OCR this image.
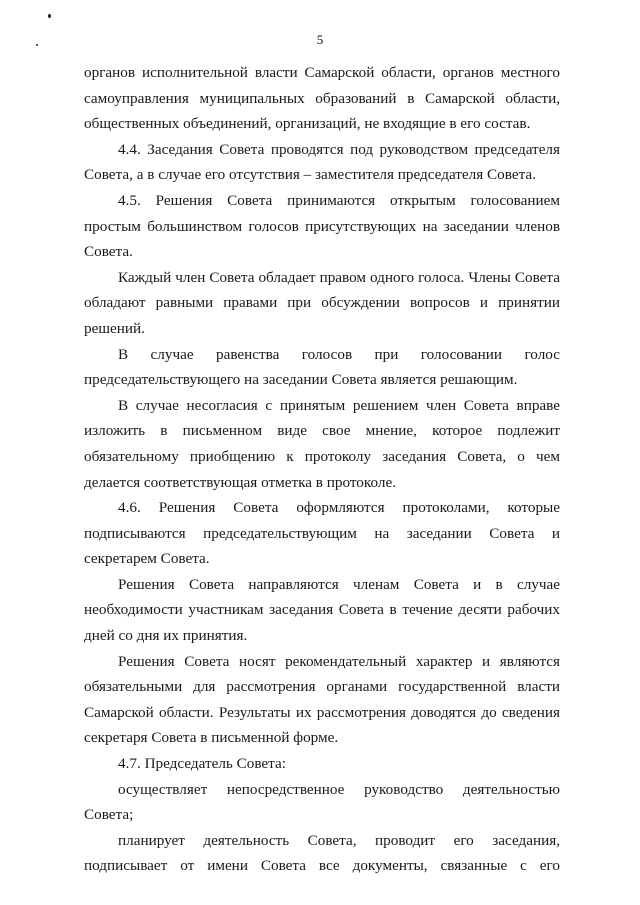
5

органов исполнительной власти Самарской области, органов местного самоуправления муниципальных образований в Самарской области, общественных объединений, организаций, не входящие в его состав.

4.4. Заседания Совета проводятся под руководством председателя Совета, а в случае его отсутствия – заместителя председателя Совета.

4.5. Решения Совета принимаются открытым голосованием простым большинством голосов присутствующих на заседании членов Совета.

Каждый член Совета обладает правом одного голоса. Члены Совета обладают равными правами при обсуждении вопросов и принятии решений.

В случае равенства голосов при голосовании голос председательствующего на заседании Совета является решающим.

В случае несогласия с принятым решением член Совета вправе изложить в письменном виде свое мнение, которое подлежит обязательному приобщению к протоколу заседания Совета, о чем делается соответствующая отметка в протоколе.

4.6. Решения Совета оформляются протоколами, которые подписываются председательствующим на заседании Совета и секретарем Совета.

Решения Совета направляются членам Совета и в случае необходимости участникам заседания Совета в течение десяти рабочих дней со дня их принятия.

Решения Совета носят рекомендательный характер и являются обязательными для рассмотрения органами государственной власти Самарской области. Результаты их рассмотрения доводятся до сведения секретаря Совета в письменной форме.

4.7. Председатель Совета:

осуществляет непосредственное руководство деятельностью Совета;

планирует деятельность Совета, проводит его заседания, подписывает от имени Совета все документы, связанные с его
